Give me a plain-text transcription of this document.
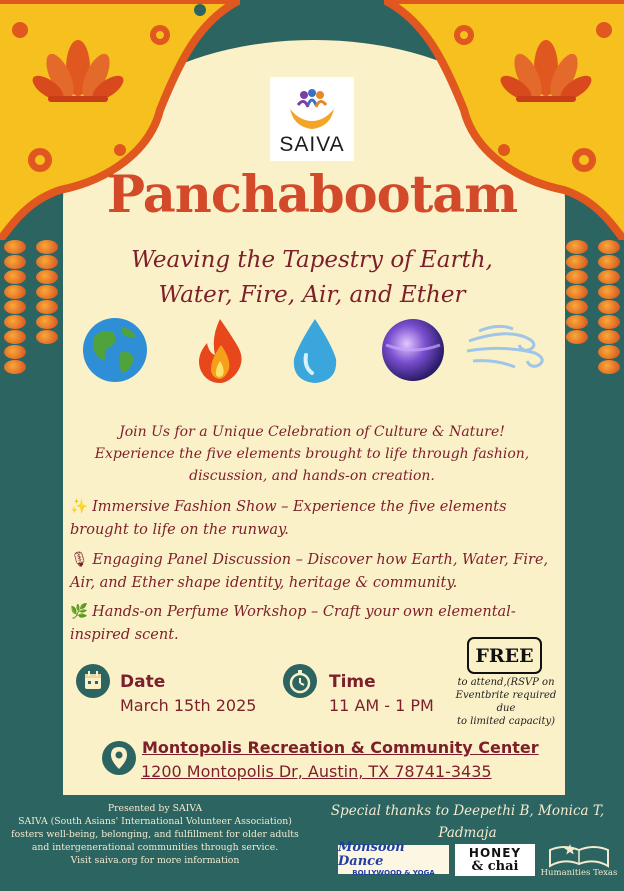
SAIVA
Panchabootam
Weaving the Tapestry of Earth,
Water, Fire, Air, and Ether
Join Us for a Unique Celebration of Culture & Nature!
Experience the five elements brought to life through fashion,
discussion, and hands-on creation.
✨ Immersive Fashion Show – Experience the five elements
brought to life on the runway.
🎙 Engaging Panel Discussion – Discover how Earth, Water, Fire,
Air, and Ether shape identity, heritage & community.
🌿 Hands-on Perfume Workshop – Craft your own elemental-
inspired scent.
Date
March 15th 2025
Time
11 AM - 1 PM
FREE
to attend,(RSVP on
Eventbrite required due
to limited capacity)
Montopolis Recreation & Community Center
1200 Montopolis Dr, Austin, TX 78741-3435
Presented by SAIVA
SAIVA (South Asians' International Volunteer Association)
fosters well-being, belonging, and fulfillment for older adults
and intergenerational communities through service.
Visit saiva.org for more information
Special thanks to Deepethi B, Monica T,
Padmaja
Monsoon Dance
BOLLYWOOD & YOGA
HONEY
& chai	Humanities Texas
